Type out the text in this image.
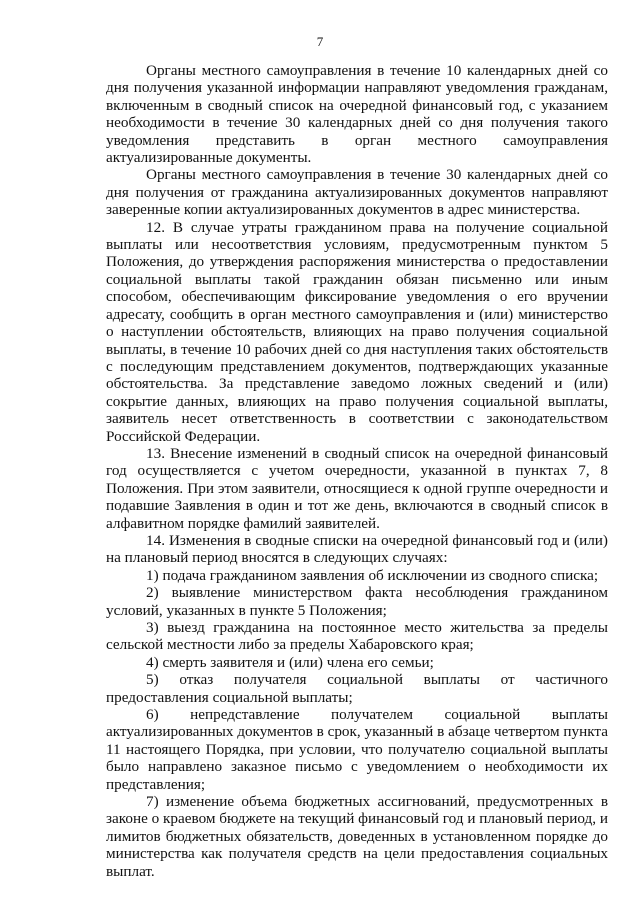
7

Органы местного самоуправления в течение 10 календарных дней со дня получения указанной информации направляют уведомления гражданам, включенным в сводный список на очередной финансовый год, с указанием необходимости в течение 30 календарных дней со дня получения такого уведомления представить в орган местного самоуправления актуализированные документы.

Органы местного самоуправления в течение 30 календарных дней со дня получения от гражданина актуализированных документов направляют заверенные копии актуализированных документов в адрес министерства.

12. В случае утраты гражданином права на получение социальной выплаты или несоответствия условиям, предусмотренным пунктом 5 Положения, до утверждения распоряжения министерства о предоставлении социальной выплаты такой гражданин обязан письменно или иным способом, обеспечивающим фиксирование уведомления о его вручении адресату, сообщить в орган местного самоуправления и (или) министерство о наступлении обстоятельств, влияющих на право получения социальной выплаты, в течение 10 рабочих дней со дня наступления таких обстоятельств с последующим представлением документов, подтверждающих указанные обстоятельства. За представление заведомо ложных сведений и (или) сокрытие данных, влияющих на право получения социальной выплаты, заявитель несет ответственность в соответствии с законодательством Российской Федерации.

13. Внесение изменений в сводный список на очередной финансовый год осуществляется с учетом очередности, указанной в пунктах 7, 8 Положения. При этом заявители, относящиеся к одной группе очередности и подавшие Заявления в один и тот же день, включаются в сводный список в алфавитном порядке фамилий заявителей.

14. Изменения в сводные списки на очередной финансовый год и (или) на плановый период вносятся в следующих случаях:

1) подача гражданином заявления об исключении из сводного списка;

2) выявление министерством факта несоблюдения гражданином условий, указанных в пункте 5 Положения;

3) выезд гражданина на постоянное место жительства за пределы сельской местности либо за пределы Хабаровского края;

4) смерть заявителя и (или) члена его семьи;

5) отказ получателя социальной выплаты от частичного предоставления социальной выплаты;

6) непредставление получателем социальной выплаты актуализированных документов в срок, указанный в абзаце четвертом пункта 11 настоящего Порядка, при условии, что получателю социальной выплаты было направлено заказное письмо с уведомлением о необходимости их представления;

7) изменение объема бюджетных ассигнований, предусмотренных в законе о краевом бюджете на текущий финансовый год и плановый период, и лимитов бюджетных обязательств, доведенных в установленном порядке до министерства как получателя средств на цели предоставления социальных выплат.
